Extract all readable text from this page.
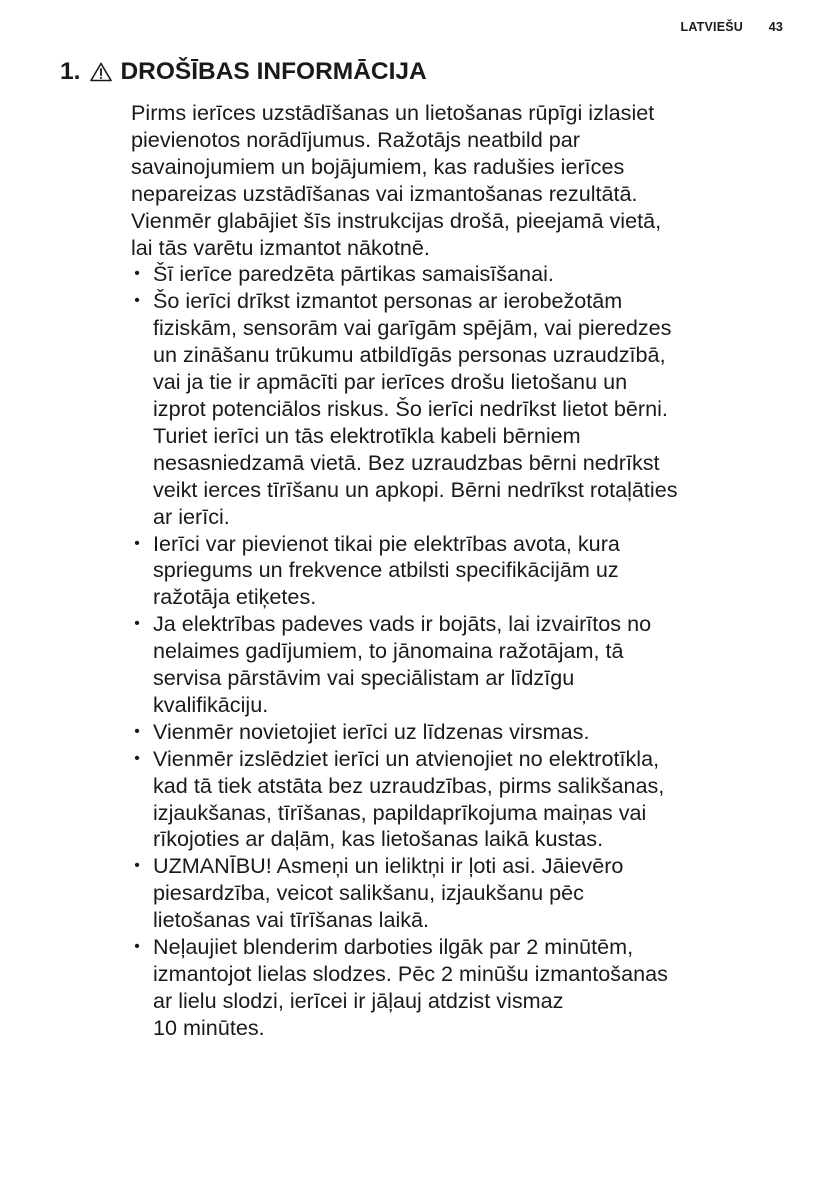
LATVIEŠU 43
1. DROŠĪBAS INFORMĀCIJA

Pirms ierīces uzstādīšanas un lietošanas rūpīgi izlasiet
pievienotos norādījumus. Ražotājs neatbild par
savainojumiem un bojājumiem, kas radušies ierīces
nepareizas uzstādīšanas vai izmantošanas rezultātā.
Vienmēr glabājiet šīs instrukcijas drošā, pieejamā vietā,
lai tās varētu izmantot nākotnē.

• Šī ierīce paredzēta pārtikas samaisīšanai.
• Šo ierīci drīkst izmantot personas ar ierobežotām
fiziskām, sensorām vai garīgām spējām, vai pieredzes
un zināšanu trūkumu atbildīgās personas uzraudzībā,
vai ja tie ir apmācīti par ierīces drošu lietošanu un
izprot potenciālos riskus. Šo ierīci nedrīkst lietot bērni.
Turiet ierīci un tās elektrotīkla kabeli bērniem
nesasniedzamā vietā. Bez uzraudzbas bērni nedrīkst
veikt ierces tīrīšanu un apkopi. Bērni nedrīkst rotaļāties
ar ierīci.
• Ierīci var pievienot tikai pie elektrības avota, kura
spriegums un frekvence atbilsti specifikācijām uz
ražotāja etiķetes.
• Ja elektrības padeves vads ir bojāts, lai izvairītos no
nelaimes gadījumiem, to jānomaina ražotājam, tā
servisa pārstāvim vai speciālistam ar līdzīgu
kvalifikāciju.
• Vienmēr novietojiet ierīci uz līdzenas virsmas.
• Vienmēr izslēdziet ierīci un atvienojiet no elektrotīkla,
kad tā tiek atstāta bez uzraudzības, pirms salikšanas,
izjaukšanas, tīrīšanas, papildaprīkojuma maiņas vai
rīkojoties ar daļām, kas lietošanas laikā kustas.
• UZMANĪBU! Asmeņi un ieliktņi ir ļoti asi. Jāievēro
piesardzība, veicot salikšanu, izjaukšanu pēc
lietošanas vai tīrīšanas laikā.
• Neļaujiet blenderim darboties ilgāk par 2 minūtēm,
izmantojot lielas slodzes. Pēc 2 minūšu izmantošanas
ar lielu slodzi, ierīcei ir jāļauj atdzist vismaz
10 minūtes.
